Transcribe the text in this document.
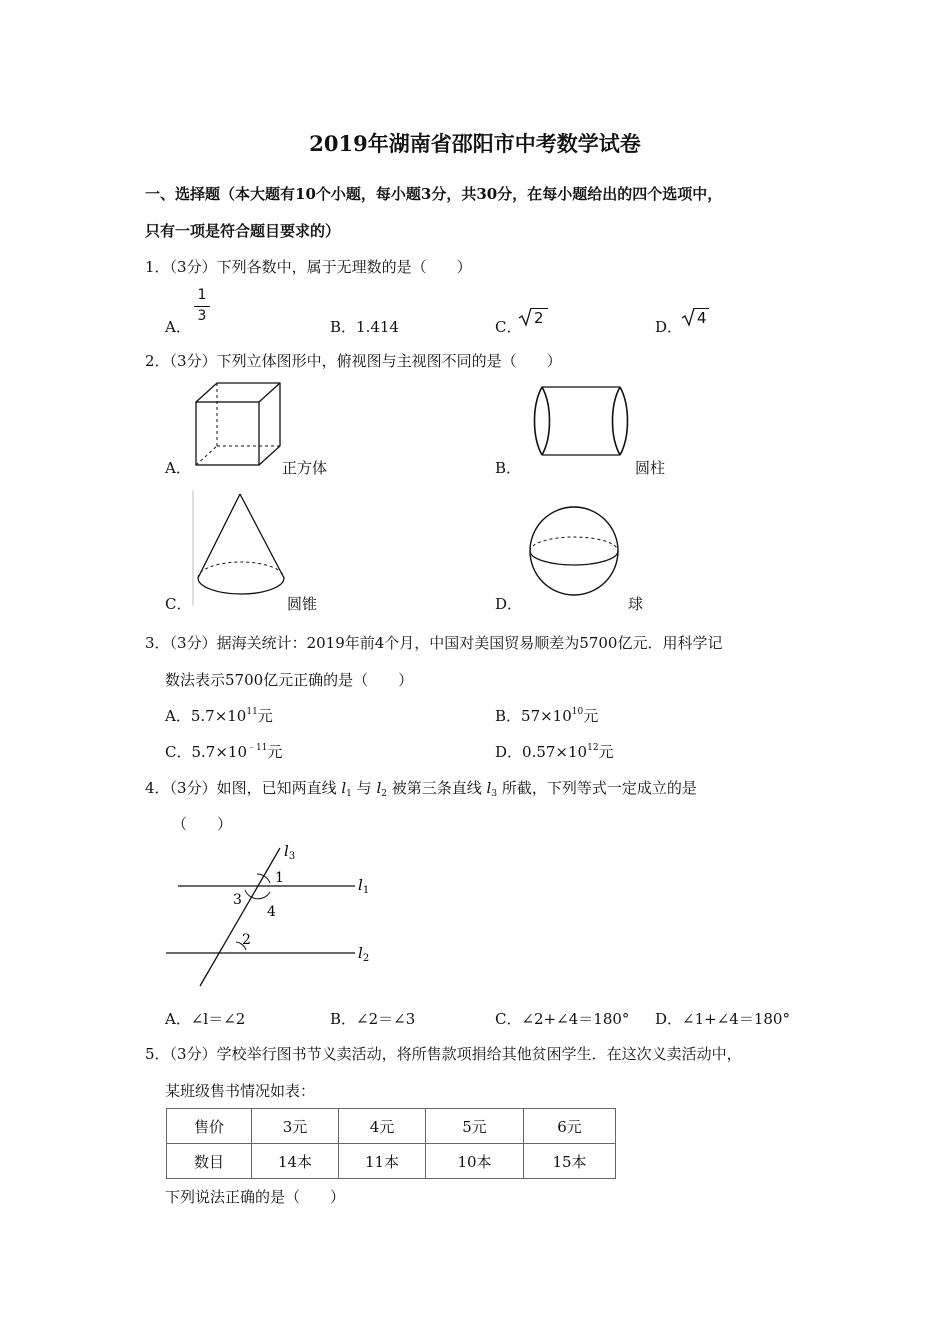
2019年湖南省邵阳市中考数学试卷
一、选择题（本大题有10个小题，每小题3分，共30分，在每小题给出的四个选项中，
只有一项是符合题目要求的）
1．（3分）下列各数中，属于无理数的是（　　）
A．
1
3
B．1.414	C． 2	D． 4
2．（3分）下列立体图形中，俯视图与主视图不同的是（　　）
A．	正方体	B．	圆柱
C．	圆锥	D．	球
3．（3分）据海关统计：2019年前4个月，中国对美国贸易顺差为5700亿元．用科学记
数法表示5700亿元正确的是（　　）
A．$5.7\times 10^{11}$元	B．$57\times 10^{10}$元
C．$5.7\times 10^{﹣11}$元	D．$0.57\times 10^{12}$元
4．（3分）如图，已知两直线 $l_1$ 与 $l_2$ 被第三条直线 $l_3$ 所截，下列等式一定成立的是
（　　）
1
3
4
2
$l_3$
$l_1$
$l_2$
A．∠l＝∠2	B．∠2＝∠3	C．∠2+∠4＝180° D．∠1+∠4＝180°
5．（3分）学校举行图书节义卖活动，将所售款项捐给其他贫困学生．在这次义卖活动中，
某班级售书情况如表：
售价	3元	4元	5元	6元
数目	14本	11本	10本	15本
下列说法正确的是（　　）
